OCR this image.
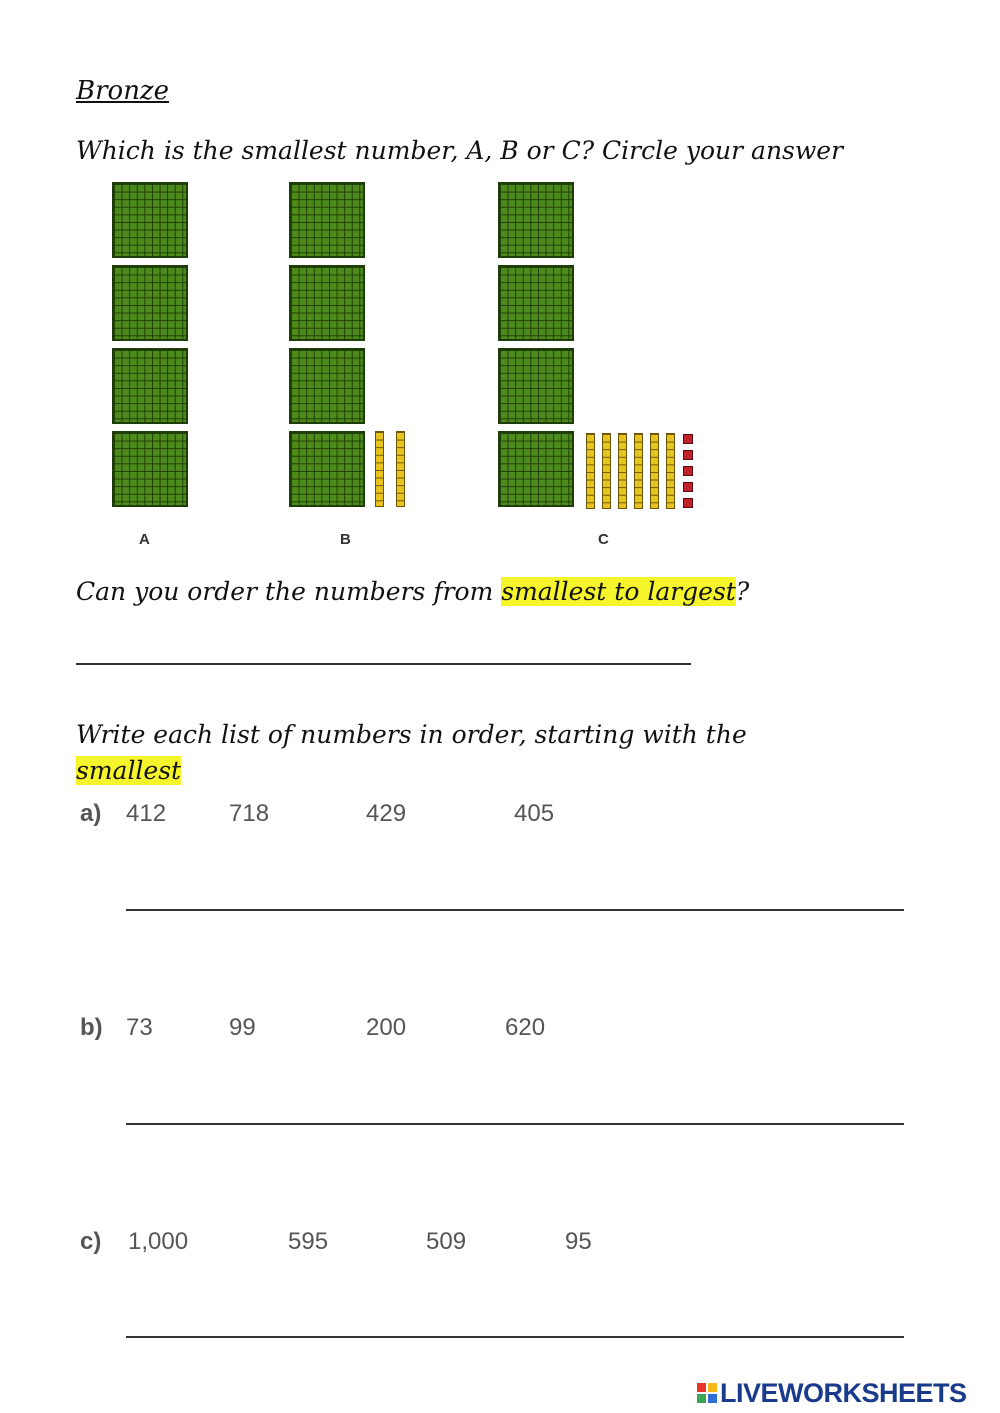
Bronze
Which is the smallest number, A, B or C? Circle your answer
A	B	C
Can you order the numbers from smallest to largest?
Write each list of numbers in order, starting with the
smallest
a) 412	718	429	405
b) 73	99	200	620
c) 1,000	595	509	95
LIVEWORKSHEETS
